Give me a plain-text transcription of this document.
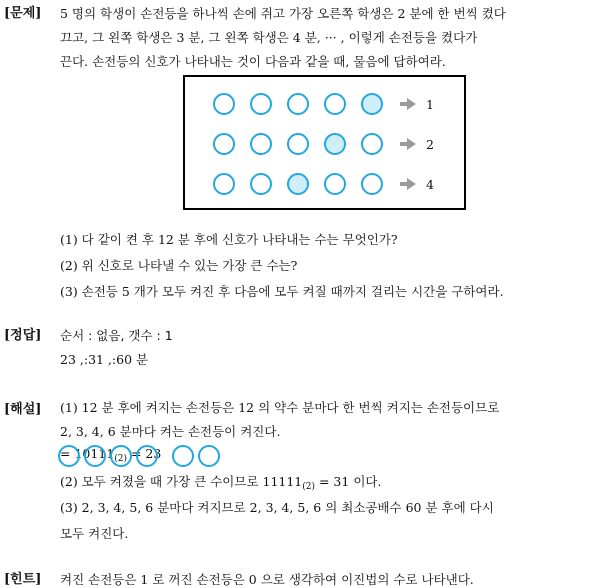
[문제] 5 명의 학생이 손전등을 하나씩 손에 쥐고 가장 오른쪽 학생은 2 분에 한 번씩 켰다
끄고, 그 왼쪽 학생은 3 분, 그 왼쪽 학생은 4 분, ··· , 이렇게 손전등을 켰다가
끈다. 손전등의 신호가 나타내는 것이 다음과 같을 때, 물음에 답하여라.
1
2
4
(1) 다 같이 켠 후 12 분 후에 신호가 나타내는 수는 무엇인가?
(2) 위 신호로 나타낼 수 있는 가장 큰 수는?
(3) 손전등 5 개가 모두 켜진 후 다음에 모두 켜질 때까지 걸리는 시간을 구하여라.
[정답] 순서 : 없음, 갯수 : 1
23 ,:31 ,:60 분
[해설] (1) 12 분 후에 켜지는 손전등은 12 의 약수 분마다 한 번씩 켜지는 손전등이므로
2, 3, 4, 6 분마다 켜는 손전등이 켜진다.
= $10111_{(2)} = 23$
(2) 모두 켜졌을 때 가장 큰 수이므로 $11111_{(2)} = 31$ 이다.
(3) 2, 3, 4, 5, 6 분마다 켜지므로 2, 3, 4, 5, 6 의 최소공배수 60 분 후에 다시
모두 켜진다.
[힌트] 켜진 손전등은 1 로 꺼진 손전등은 0 으로 생각하여 이진법의 수로 나타낸다.
